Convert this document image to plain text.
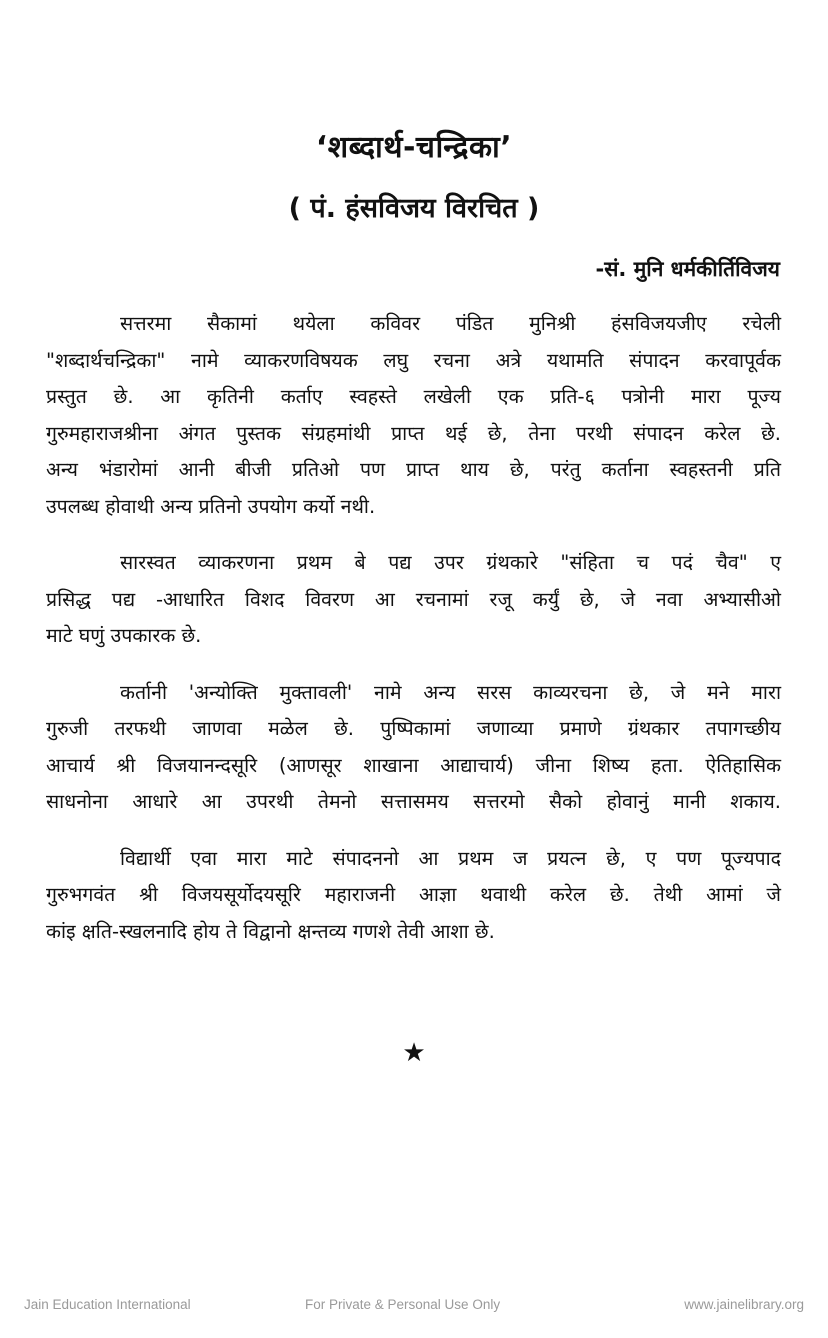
‘शब्दार्थ-चन्द्रिका’
( पं. हंसविजय विरचित )
-सं. मुनि धर्मकीर्तिविजय

सत्तरमा सैकामां थयेला कविवर पंडित मुनिश्री हंसविजयजीए रचेली
"शब्दार्थचन्द्रिका" नामे व्याकरणविषयक लघु रचना अत्रे यथामति संपादन करवापूर्वक
प्रस्तुत छे. आ कृतिनी कर्ताए स्वहस्ते लखेली एक प्रति-६ पत्रोनी मारा पूज्य
गुरुमहाराजश्रीना अंगत पुस्तक संग्रहमांथी प्राप्त थई छे, तेना परथी संपादन करेल छे.
अन्य भंडारोमां आनी बीजी प्रतिओ पण प्राप्त थाय छे, परंतु कर्ताना स्वहस्तनी प्रति
उपलब्ध होवाथी अन्य प्रतिनो उपयोग कर्यो नथी.

सारस्वत व्याकरणना प्रथम बे पद्य उपर ग्रंथकारे "संहिता च पदं चैव" ए
प्रसिद्ध पद्य -आधारित विशद विवरण आ रचनामां रजू कर्युं छे, जे नवा अभ्यासीओ
माटे घणुं उपकारक छे.

कर्तानी 'अन्योक्ति मुक्तावली' नामे अन्य सरस काव्यरचना छे, जे मने मारा
गुरुजी तरफथी जाणवा मळेल छे. पुष्पिकामां जणाव्या प्रमाणे ग्रंथकार तपागच्छीय
आचार्य श्री विजयानन्दसूरि (आणसूर शाखाना आद्याचार्य) जीना शिष्य हता. ऐतिहासिक
साधनोना आधारे आ उपरथी तेमनो सत्तासमय सत्तरमो सैको होवानुं मानी शकाय.

विद्यार्थी एवा मारा माटे संपादननो आ प्रथम ज प्रयत्न छे, ए पण पूज्यपाद
गुरुभगवंत श्री विजयसूर्योदयसूरि महाराजनी आज्ञा थवाथी करेल छे. तेथी आमां जे
कांइ क्षति-स्खलनादि होय ते विद्वानो क्षन्तव्य गणशे तेवी आशा छे.

★
Jain Education International	For Private & Personal Use Only	www.jainelibrary.org
